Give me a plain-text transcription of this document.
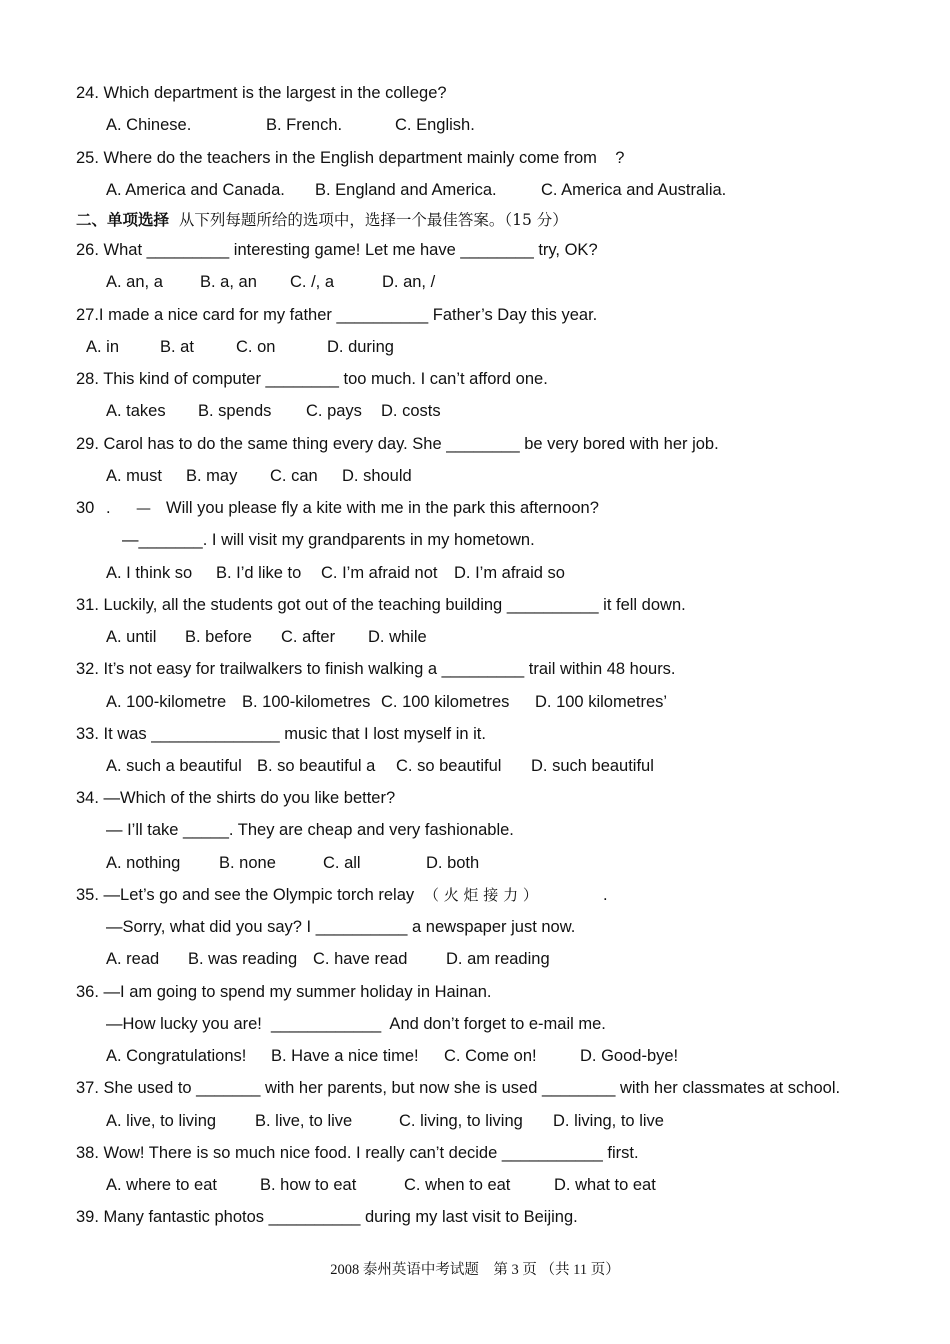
24. Which department is the largest in the college?
A. Chinese.	B. French.	C. English.
25. Where do the teachers in the English department mainly come from    ?
A. America and Canada. B. England and America.	C. America and Australia.
二、单项选择 从下列每题所给的选项中，选择一个最佳答案。（15 分）
26. What _________ interesting game! Let me have ________ try, OK?
A. an, a B. a, an C. /, a	D. an, /
27.I made a nice card for my father __________ Father’s Day this year.
A. in B. at	C. on	D. during
28. This kind of computer ________ too much. I can’t afford one.
A. takes B. spends C. pays D. costs
29. Carol has to do the same thing every day. She ________ be very bored with her job.
A. must B. may C. can D. should
30 . — Will you please fly a kite with me in the park this afternoon?
—_______. I will visit my grandparents in my hometown.
A. I think so B. I’d like to C. I’m afraid not D. I’m afraid so
31. Luckily, all the students got out of the teaching building __________ it fell down.
A. until B. before C. after D. while
32. It’s not easy for trailwalkers to finish walking a _________ trail within 48 hours.
A. 100-kilometre B. 100-kilometres C. 100 kilometres D. 100 kilometres’
33. It was ______________ music that I lost myself in it.
A. such a beautiful B. so beautiful a C. so beautiful D. such beautiful
34. —Which of the shirts do you like better?
— I’ll take _____. They are cheap and very fashionable.
A. nothing B. none	C. all	D. both
35. —Let’s go and see the Olympic torch relay （ 火 炬 接 力 ）	.
—Sorry, what did you say? I __________ a newspaper just now.
A. read B. was reading C. have read D. am reading
36. —I am going to spend my summer holiday in Hainan.
—How lucky you are!  ____________  And don’t forget to e-mail me.
A. Congratulations! B. Have a nice time! C. Come on!	D. Good-bye!
37. She used to _______ with her parents, but now she is used ________ with her classmates at school.
A. live, to living B. live, to live	C. living, to living D. living, to live
38. Wow! There is so much nice food. I really can’t decide ___________ first.
A. where to eat	B. how to eat	C. when to eat	D. what to eat
39. Many fantastic photos __________ during my last visit to Beijing.
2008 泰州英语中考试题    第 3 页 （共 11 页）
